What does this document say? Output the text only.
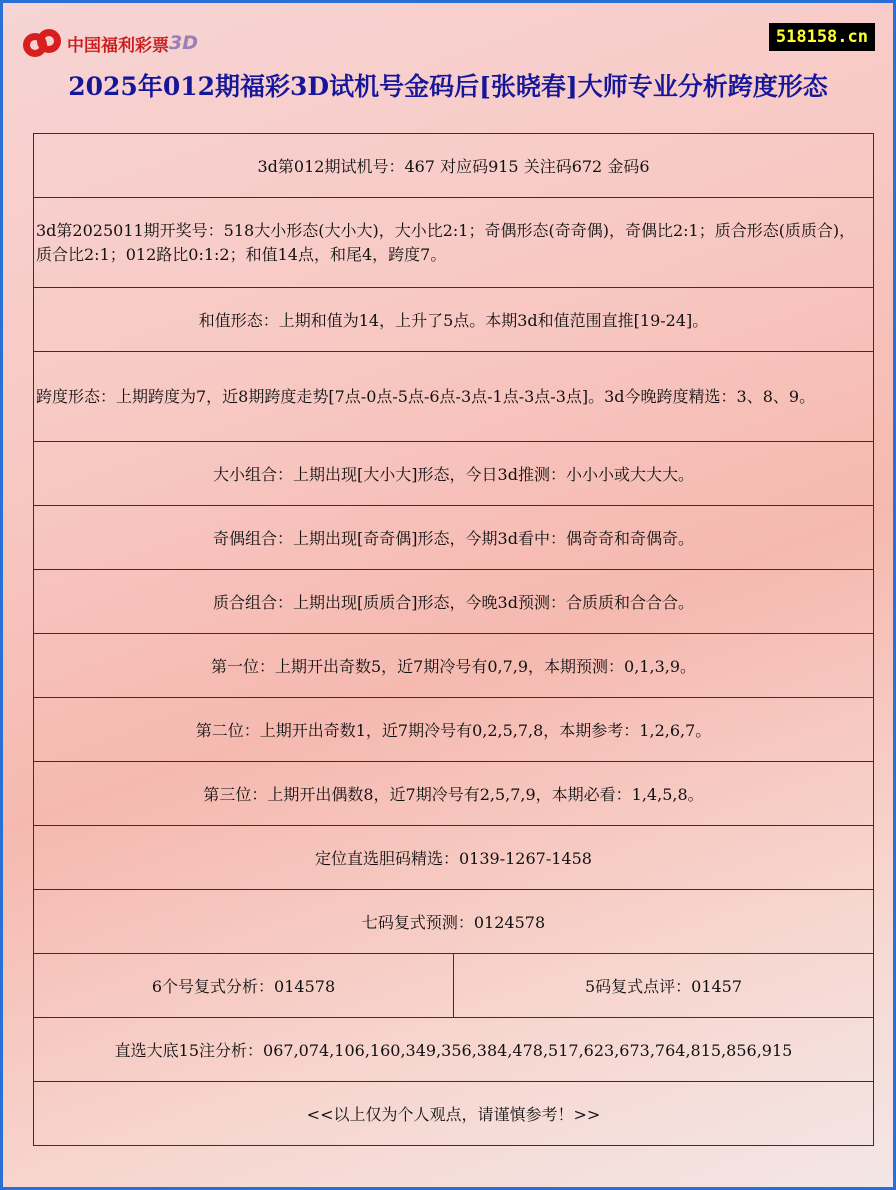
中国福利彩票 3D	518158.cn
2025年012期福彩3D试机号金码后[张晓春]大师专业分析跨度形态
3d第012期试机号：467 对应码915 关注码672 金码6
3d第2025011期开奖号：518大小形态(大小大)，大小比2:1；奇偶形态(奇奇偶)，奇偶比2:1；质合形态(质质合)，质合比2:1；012路比0:1:2；和值14点，和尾4，跨度7。
和值形态：上期和值为14，上升了5点。本期3d和值范围直推[19-24]。
跨度形态：上期跨度为7，近8期跨度走势[7点-0点-5点-6点-3点-1点-3点-3点]。3d今晚跨度精选：3、8、9。
大小组合：上期出现[大小大]形态，今日3d推测：小小小或大大大。
奇偶组合：上期出现[奇奇偶]形态，今期3d看中：偶奇奇和奇偶奇。
质合组合：上期出现[质质合]形态，今晚3d预测：合质质和合合合。
第一位：上期开出奇数5，近7期冷号有0,7,9，本期预测：0,1,3,9。
第二位：上期开出奇数1，近7期冷号有0,2,5,7,8，本期参考：1,2,6,7。
第三位：上期开出偶数8，近7期冷号有2,5,7,9，本期必看：1,4,5,8。
定位直选胆码精选：0139-1267-1458
七码复式预测：0124578
6个号复式分析：014578	5码复式点评：01457
直选大底15注分析：067,074,106,160,349,356,384,478,517,623,673,764,815,856,915
<<以上仅为个人观点，请谨慎参考！>>
